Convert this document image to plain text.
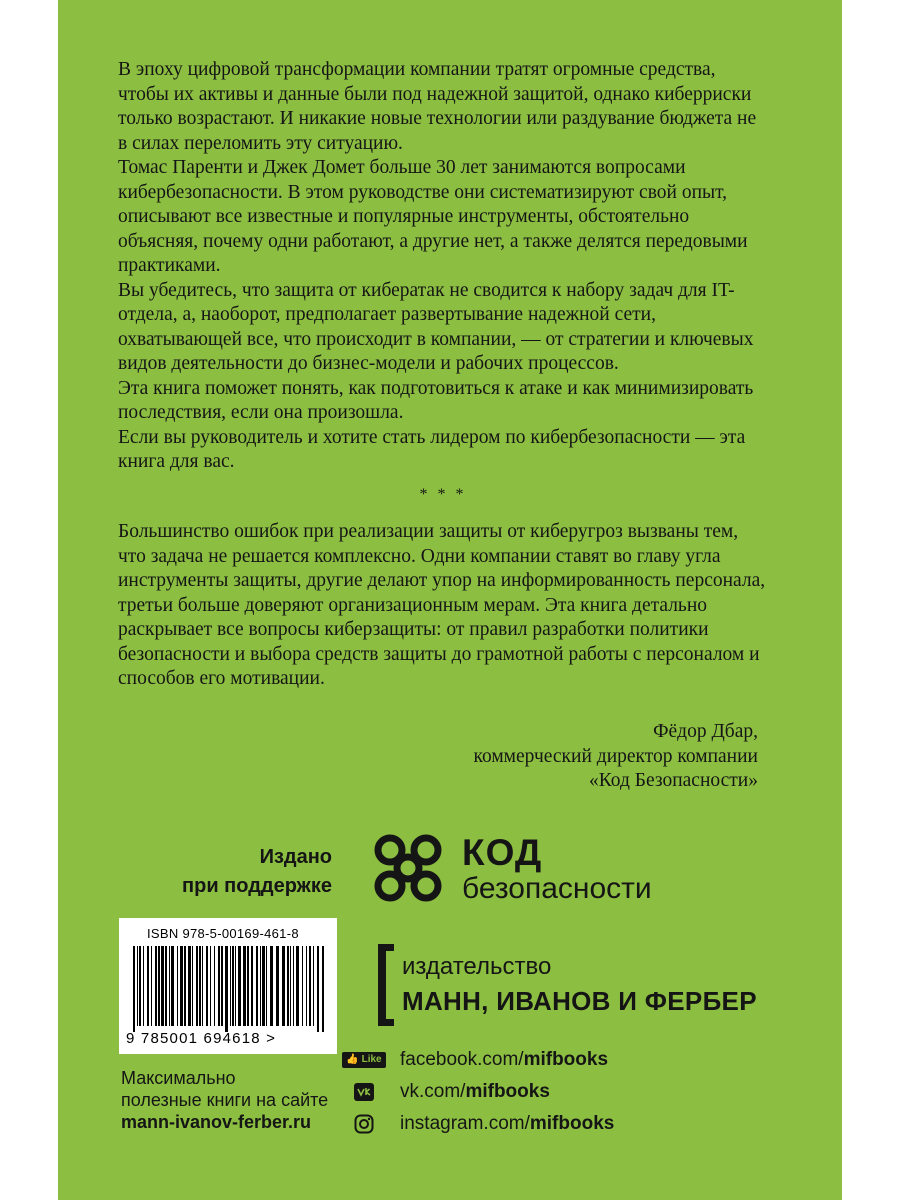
В эпоху цифровой трансформации компании тратят огромные средства, чтобы их активы и данные были под надежной защитой, однако киберриски только возрастают. И никакие новые технологии или раздувание бюджета не в силах переломить эту ситуацию.

Томас Паренти и Джек Домет больше 30 лет занимаются вопросами кибербезопасности. В этом руководстве они систематизируют свой опыт, описывают все известные и популярные инструменты, обстоятельно объясняя, почему одни работают, а другие нет, а также делятся передовыми практиками.

Вы убедитесь, что защита от кибератак не сводится к набору задач для IT-отдела, а, наоборот, предполагает развертывание надежной сети, охватывающей все, что происходит в компании, — от стратегии и ключевых видов деятельности до бизнес-модели и рабочих процессов.

Эта книга поможет понять, как подготовиться к атаке и как минимизировать последствия, если она произошла.

Если вы руководитель и хотите стать лидером по кибербезопасности — эта книга для вас.

* * *

Большинство ошибок при реализации защиты от киберугроз вызваны тем, что задача не решается комплексно. Одни компании ставят во главу угла инструменты защиты, другие делают упор на информированность персонала, третьи больше доверяют организационным мерам. Эта книга детально раскрывает все вопросы киберзащиты: от правил разработки политики безопасности и выбора средств защиты до грамотной работы с персоналом и способов его мотивации.

Фёдор Дбар,
коммерческий директор компании
«Код Безопасности»
Издано
при поддержке
КОД
безопасности
ISBN 978-5-00169-461-8
9 785001 694618 >
издательство
МАНН, ИВАНОВ И ФЕРБЕР
👍 Like facebook.com/ mifbooks
vk.com/ mifbooks
instagram.com/ mifbooks
Максимально
полезные книги на сайте
mann-ivanov-ferber.ru
